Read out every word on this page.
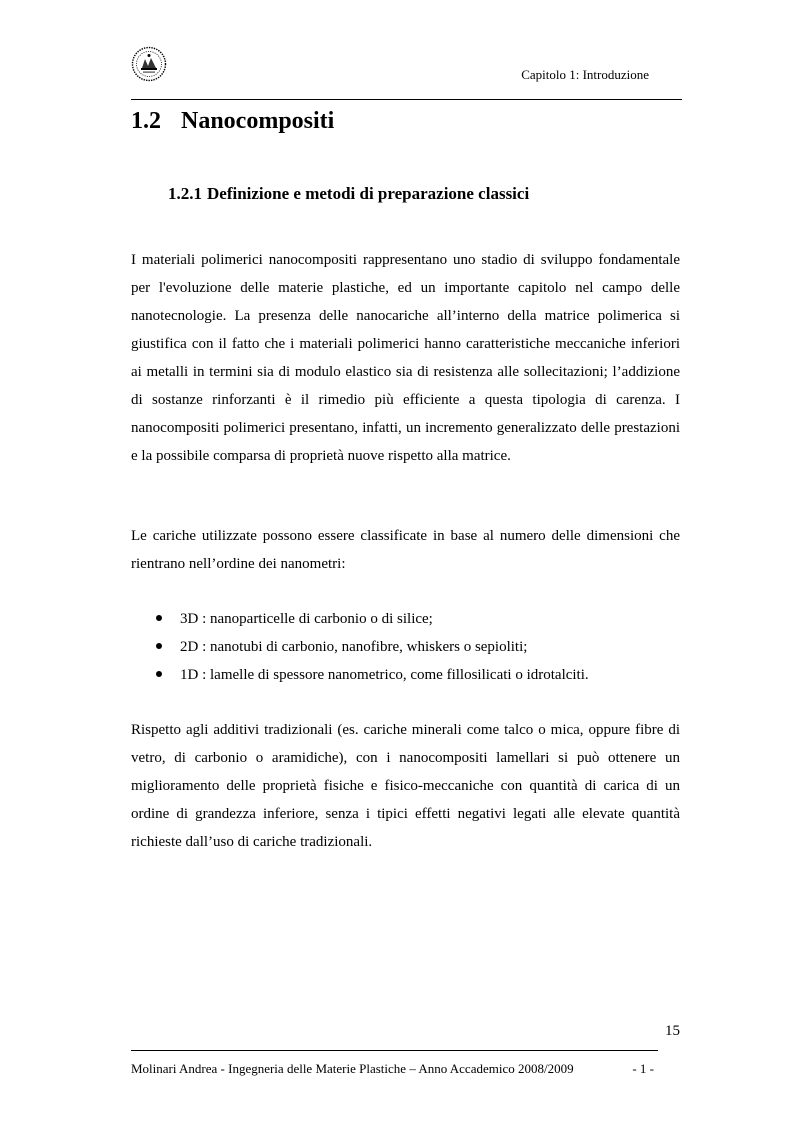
Capitolo 1: Introduzione
1.2 Nanocompositi
1.2.1 Definizione e metodi di preparazione classici

I materiali polimerici nanocompositi rappresentano uno stadio di sviluppo fondamentale per l'evoluzione delle materie plastiche, ed un importante capitolo nel campo delle nanotecnologie. La presenza delle nanocariche all’interno della matrice polimerica si giustifica con il fatto che i materiali polimerici hanno caratteristiche meccaniche inferiori ai metalli in termini sia di modulo elastico sia di resistenza alle sollecitazioni; l’addizione di sostanze rinforzanti è il rimedio più efficiente a questa tipologia di carenza. I nanocompositi polimerici presentano, infatti, un incremento generalizzato delle prestazioni e la possibile comparsa di proprietà nuove rispetto alla matrice.

Le cariche utilizzate possono essere classificate in base al numero delle dimensioni che rientrano nell’ordine dei nanometri:

3D : nanoparticelle di carbonio o di silice;
2D : nanotubi di carbonio, nanofibre, whiskers o sepioliti;
1D : lamelle di spessore nanometrico, come fillosilicati o idrotalciti.

Rispetto agli additivi tradizionali (es. cariche minerali come talco o mica, oppure fibre di vetro, di carbonio o aramidiche), con i nanocompositi lamellari si può ottenere un miglioramento delle proprietà fisiche e fisico-meccaniche con quantità di carica di un ordine di grandezza inferiore, senza i tipici effetti negativi legati alle elevate quantità richieste dall’uso di cariche tradizionali.

15
Molinari Andrea - Ingegneria delle Materie Plastiche – Anno Accademico 2008/2009	- 1 -
